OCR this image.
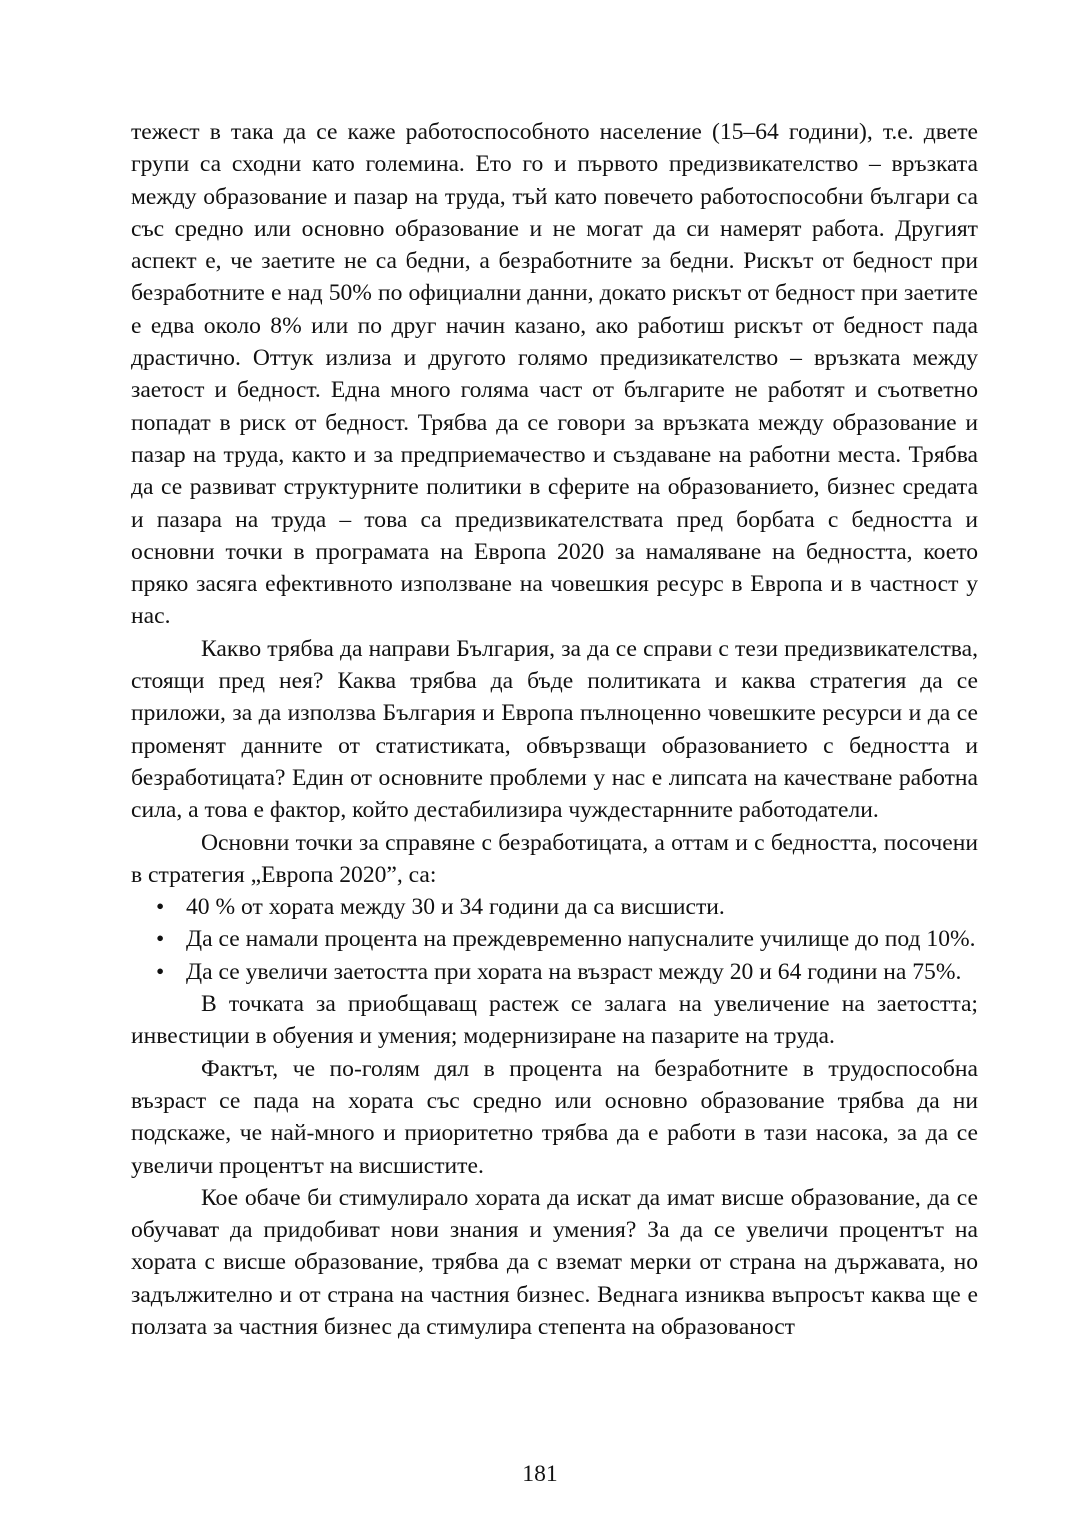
тежест в така да се каже работоспособното население (15–64 години), т.е. двете групи са сходни като големина. Ето го и първото предизвикателство – връзката между образование и пазар на труда, тъй като повечето работоспособни българи са със средно или основно образование и не могат да си намерят работа. Другият аспект е, че заетите не са бедни, а безработните за бедни. Рискът от бедност при безработните е над 50% по официални данни, докато рискът от бедност при заетите е едва около 8% или по друг начин казано, ако работиш рискът от бедност пада драстично. Оттук излиза и другото голямо предизикателство – връзката между заетост и бедност. Една много голяма част от българите не работят и съответно попадат в риск от бедност. Трябва да се говори за връзката между образование и пазар на труда, както и за предприемачество и създаване на работни места. Трябва да се развиват структурните политики в сферите на образованието, бизнес средата и пазара на труда – това са предизвикателствата пред борбата с бедността и основни точки в програмата на Европа 2020 за намаляване на бедността, което пряко засяга ефективното използване на човешкия ресурс в Европа и в частност у нас.

Какво трябва да направи България, за да се справи с тези предизвикателства, стоящи пред нея? Каква трябва да бъде политиката и каква стратегия да се приложи, за да използва България и Европа пълноценно човешките ресурси и да се променят данните от статистиката, обвързващи образованието с бедността и безработицата? Един от основните проблеми у нас е липсата на качестване работна сила, а това е фактор, който дестабилизира чуждестарнните работодатели.

Основни точки за справяне с безработицата, а оттам и с бедността, посочени в стратегия „Европа 2020”, са:

• 40 % от хората между 30 и 34 години да са висшисти.
• Да се намали процента на преждевременно напусналите училище до под 10%.
• Да се увеличи заетостта при хората на възраст между 20 и 64 години на 75%.

В точката за приобщаващ растеж се залага на увеличение на заетостта; инвестиции в обуения и умения; модернизиране на пазарите на труда.

Фактът, че по-голям дял в процента на безработните в трудоспособна възраст се пада на хората със средно или основно образование трябва да ни подскаже, че най-много и приоритетно трябва да е работи в тази насока, за да се увеличи процентът на висшистите.

Кое обаче би стимулирало хората да искат да имат висше образование, да се обучават да придобиват нови знания и умения? За да се увеличи процентът на хората с висше образование, трябва да с вземат мерки от страна на държавата, но задължително и от страна на частния бизнес. Веднага изниква въпросът каква ще е ползата за частния бизнес да стимулира степента на образованост

181
